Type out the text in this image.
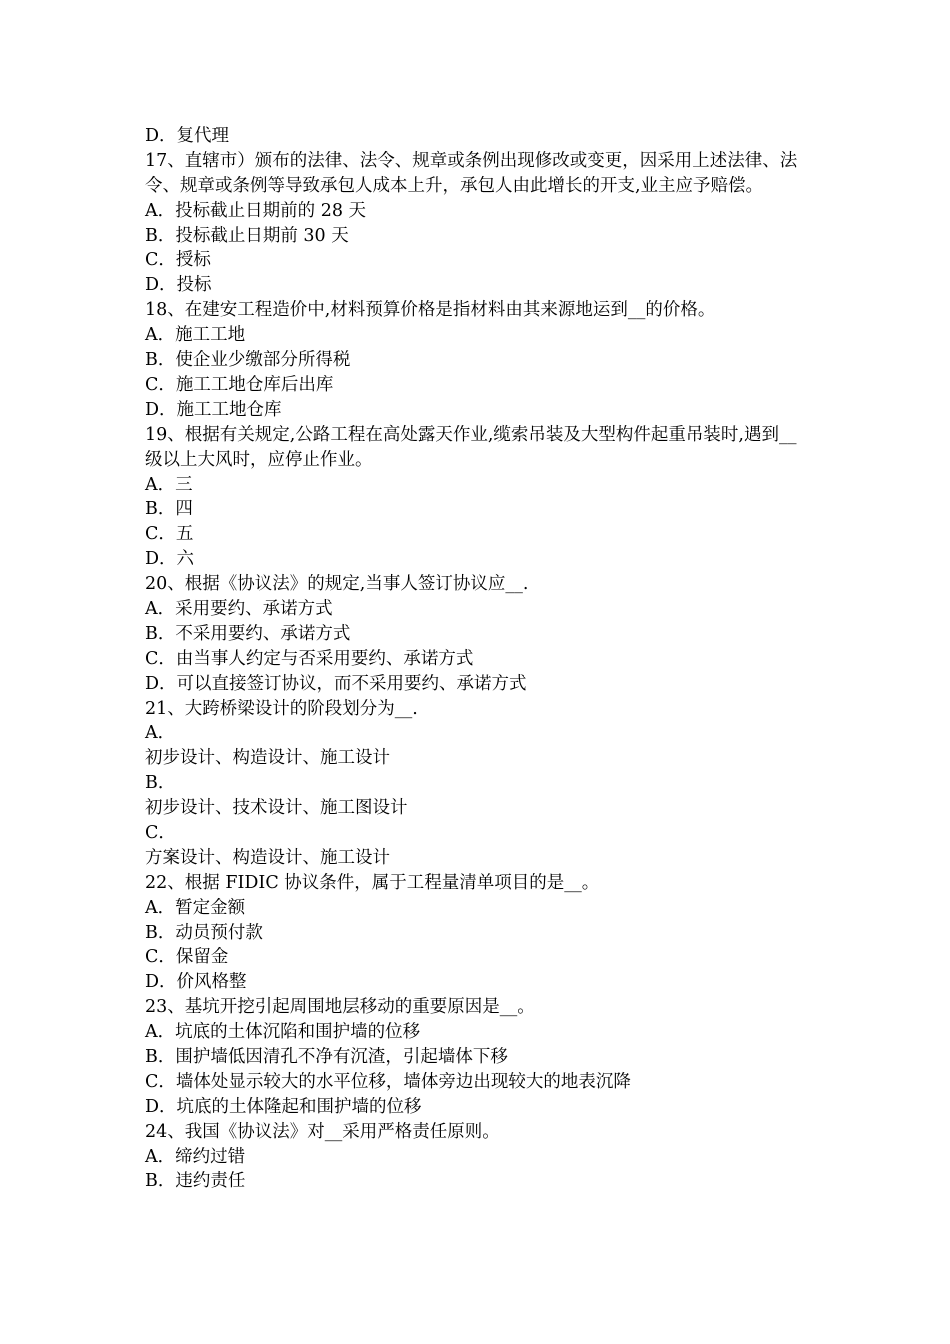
D．复代理
17、直辖市）颁布的法律、法令、规章或条例出现修改或变更，因采用上述法律、法令、规章或条例等导致承包人成本上升，承包人由此增长的开支,业主应予赔偿。
A．投标截止日期前的 28 天
B．投标截止日期前 30 天
C．授标
D．投标
18、在建安工程造价中,材料预算价格是指材料由其来源地运到__的价格。
A．施工工地
B．使企业少缴部分所得税
C．施工工地仓库后出库
D．施工工地仓库
19、根据有关规定,公路工程在高处露天作业,缆索吊装及大型构件起重吊装时,遇到__级以上大风时，应停止作业。
A．三
B．四
C．五
D．六
20、根据《协议法》的规定,当事人签订协议应__.
A．采用要约、承诺方式
B．不采用要约、承诺方式
C．由当事人约定与否采用要约、承诺方式
D．可以直接签订协议，而不采用要约、承诺方式
21、大跨桥梁设计的阶段划分为__.
A．
初步设计、构造设计、施工设计
B．
初步设计、技术设计、施工图设计
C．
方案设计、构造设计、施工设计
22、根据 FIDIC 协议条件，属于工程量清单项目的是__。
A．暂定金额
B．动员预付款
C．保留金
D．价风格整
23、基坑开挖引起周围地层移动的重要原因是__。
A．坑底的土体沉陷和围护墙的位移
B．围护墙低因清孔不净有沉渣，引起墙体下移
C．墙体处显示较大的水平位移，墙体旁边出现较大的地表沉降
D．坑底的土体隆起和围护墙的位移
24、我国《协议法》对__采用严格责任原则。
A．缔约过错
B．违约责任
